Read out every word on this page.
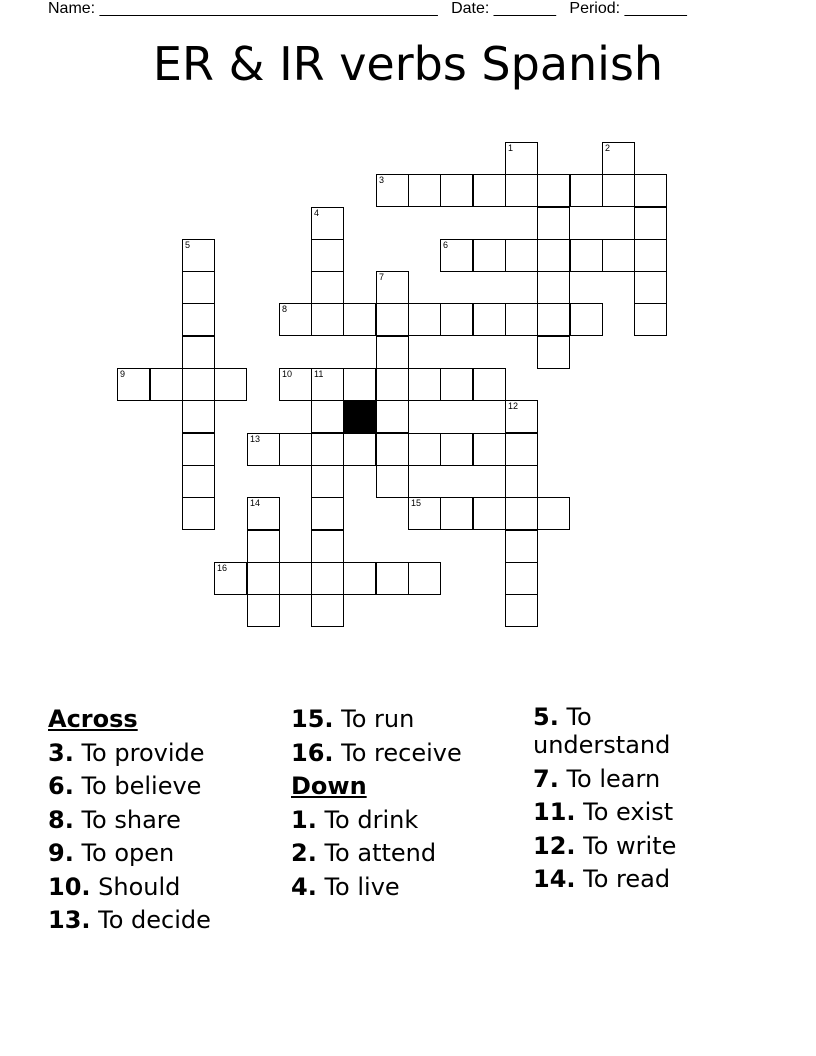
Name: ______________________________________ Date: _______ Period: _______
ER & IR verbs Spanish
1	2
3
4
5	6
7
8
9	10 11
12
13
14	15
16
Across
3. To provide
6. To believe
8. To share
9. To open
10. Should
13. To decide
15. To run
16. To receive
Down
1. To drink
2. To attend
4. To live
5. To understand
7. To learn
11. To exist
12. To write
14. To read
